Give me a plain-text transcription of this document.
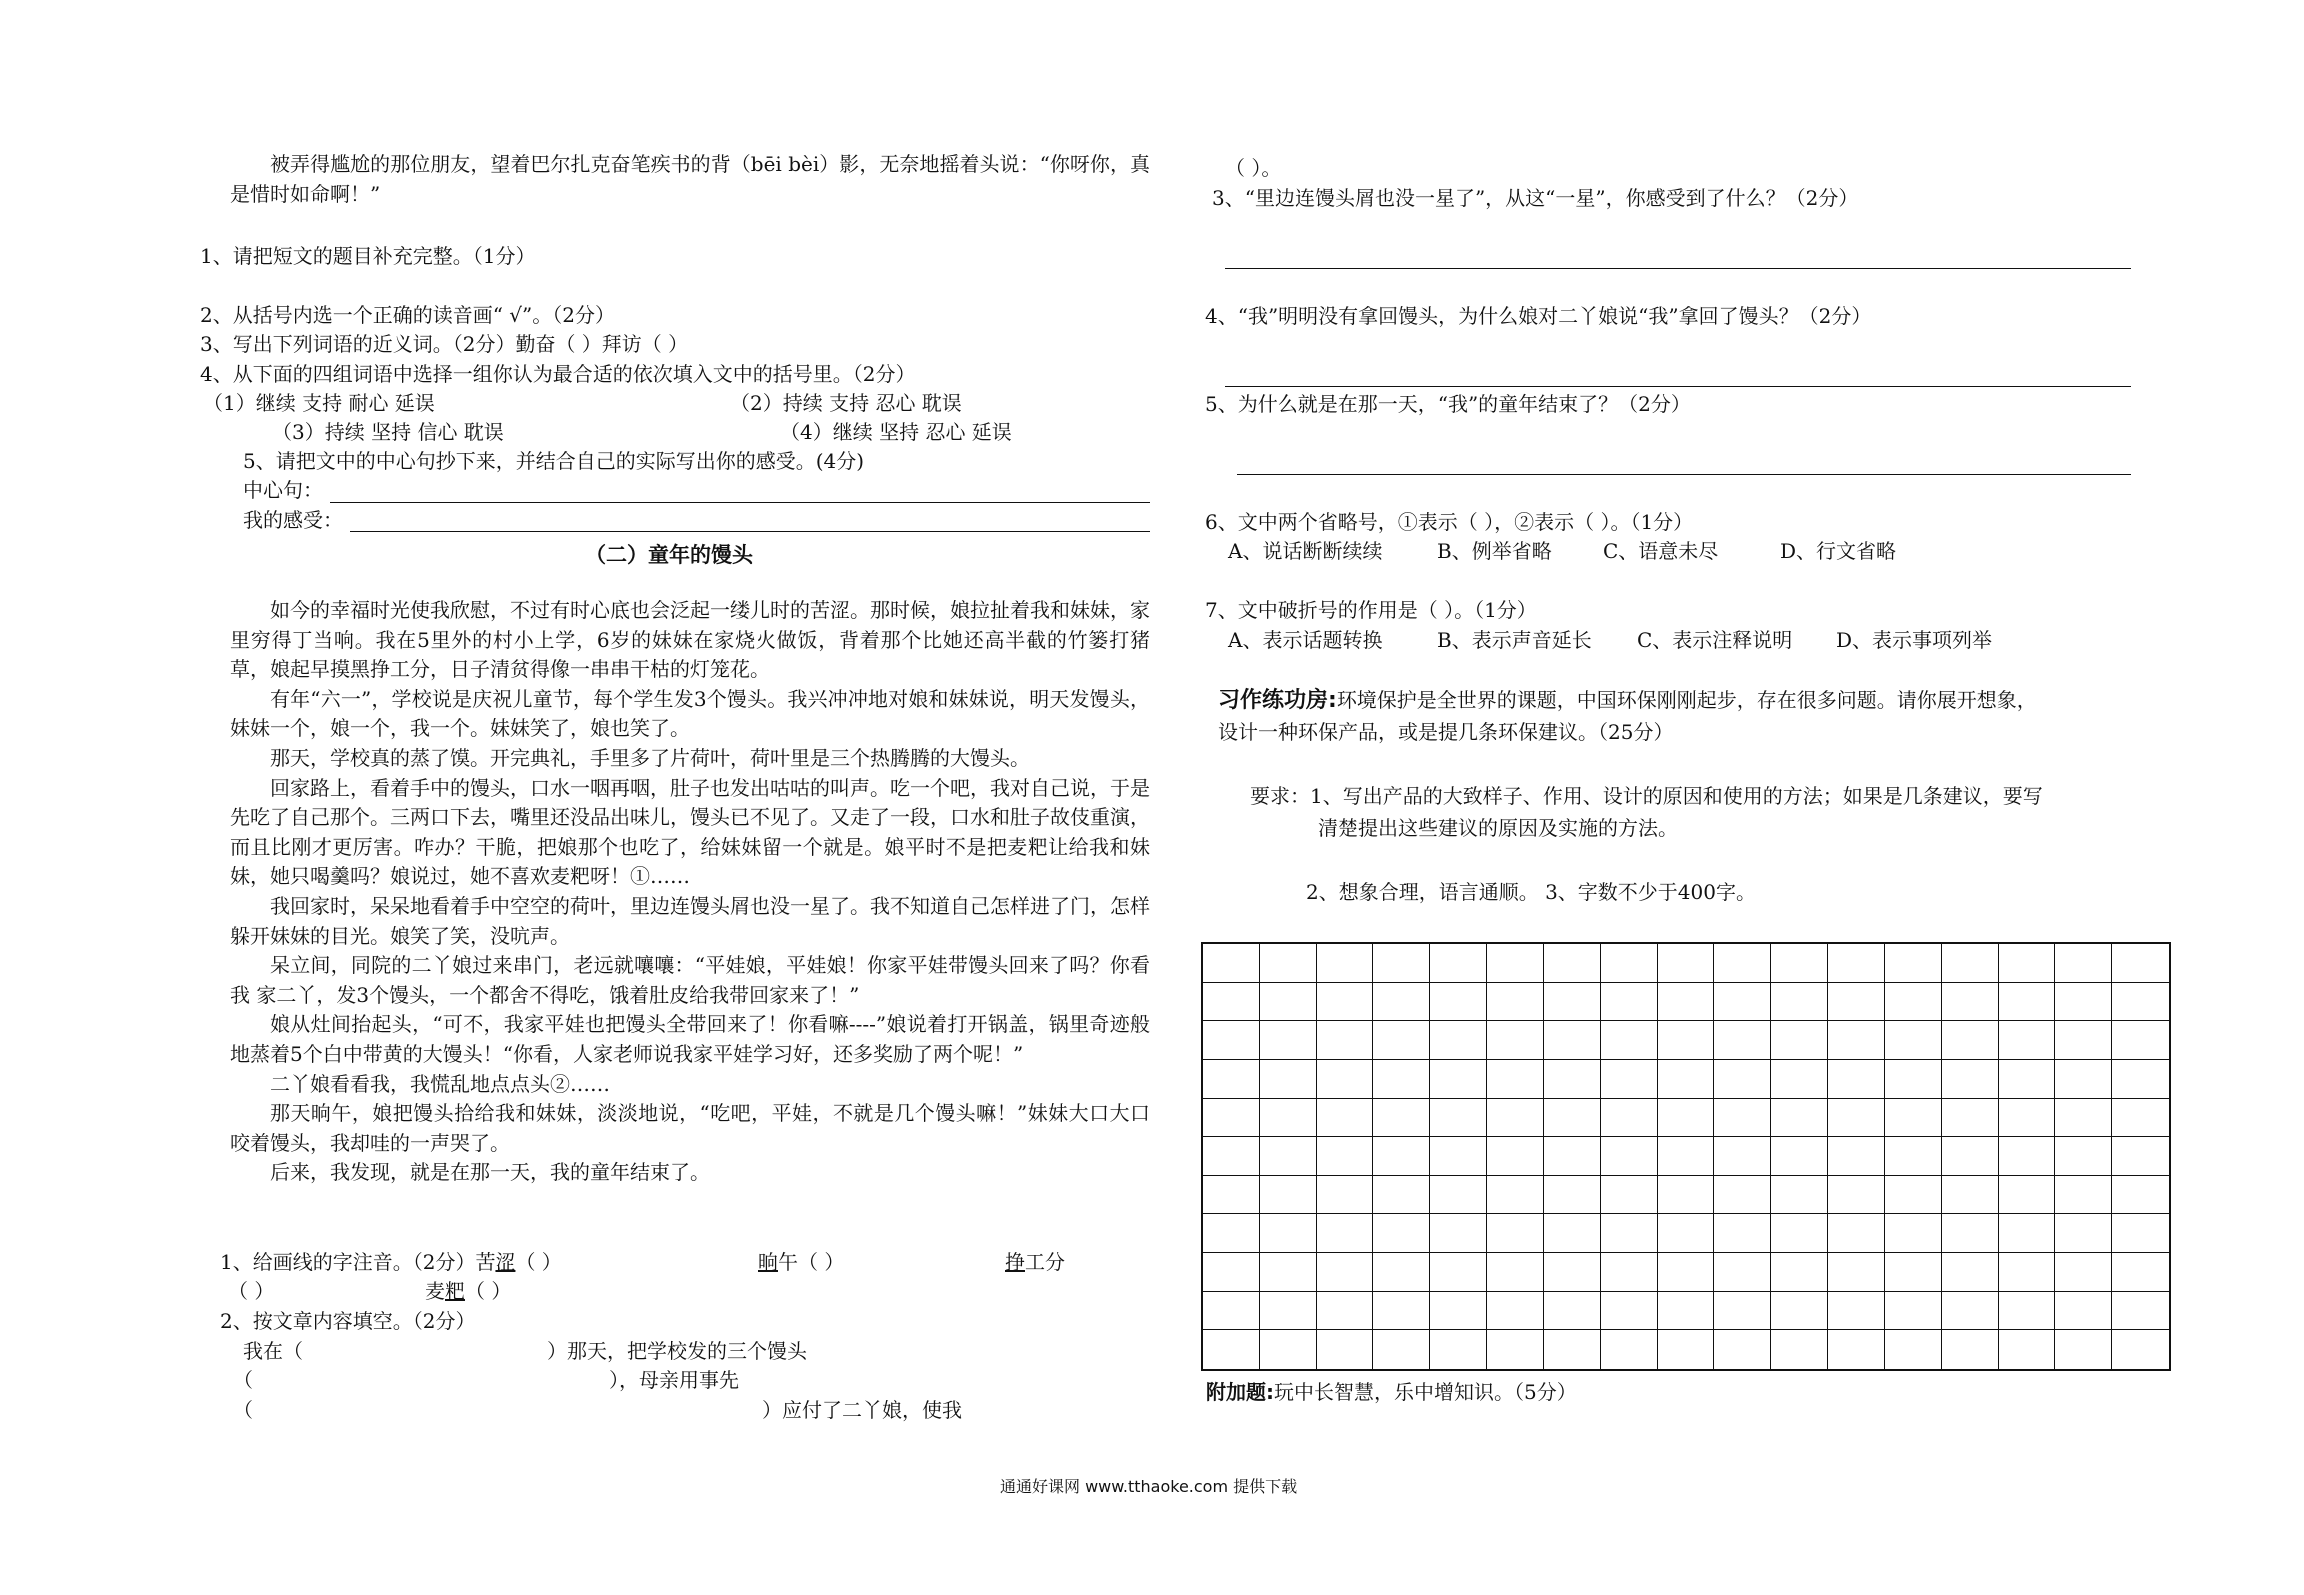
被弄得尴尬的那位朋友，望着巴尔扎克奋笔疾书的背（bēi bèi）影，无奈地摇着头说：“你呀你，真是惜时如命啊！”

1、请把短文的题目补充完整。（1分）
2、从括号内选一个正确的读音画“ √”。（2分）
3、写出下列词语的近义词。（2分）勤奋（ ）拜访（ ）
4、从下面的四组词语中选择一组你认为最合适的依次填入文中的括号里。（2分）
（1）继续 支持 耐心 延误	（2）持续 支持 忍心 耽误
（3）持续 坚持 信心 耽误	（4）继续 坚持 忍心 延误
5、请把文中的中心句抄下来，并结合自己的实际写出你的感受。(4分)
中心句：
我的感受：
（二）童年的馒头

如今的幸福时光使我欣慰，不过有时心底也会泛起一缕儿时的苦涩。那时候，娘拉扯着我和妹妹，家里穷得丁当响。我在5里外的村小上学，6岁的妹妹在家烧火做饭，背着那个比她还高半截的竹篓打猪草，娘起早摸黑挣工分，日子清贫得像一串串干枯的灯笼花。

有年“六一”，学校说是庆祝儿童节，每个学生发3个馒头。我兴冲冲地对娘和妹妹说，明天发馒头，妹妹一个，娘一个，我一个。妹妹笑了，娘也笑了。

那天，学校真的蒸了馍。开完典礼，手里多了片荷叶，荷叶里是三个热腾腾的大馒头。

回家路上，看着手中的馒头，口水一咽再咽，肚子也发出咕咕的叫声。吃一个吧，我对自己说，于是先吃了自己那个。三两口下去，嘴里还没品出味儿，馒头已不见了。又走了一段，口水和肚子故伎重演，而且比刚才更厉害。咋办？干脆，把娘那个也吃了，给妹妹留一个就是。娘平时不是把麦粑让给我和妹妹，她只喝羹吗？娘说过，她不喜欢麦粑呀！①……

我回家时，呆呆地看着手中空空的荷叶，里边连馒头屑也没一星了。我不知道自己怎样进了门，怎样躲开妹妹的目光。娘笑了笑，没吭声。

呆立间，同院的二丫娘过来串门，老远就嚷嚷：“平娃娘，平娃娘！你家平娃带馒头回来了吗？你看我 家二丫，发3个馒头，一个都舍不得吃，饿着肚皮给我带回家来了！”

娘从灶间抬起头，“可不，我家平娃也把馒头全带回来了！你看嘛----”娘说着打开锅盖，锅里奇迹般 地蒸着5个白中带黄的大馒头！“你看，人家老师说我家平娃学习好，还多奖励了两个呢！”

二丫娘看看我，我慌乱地点点头②……

那天晌午，娘把馒头拾给我和妹妹，淡淡地说，“吃吧，平娃，不就是几个馒头嘛！”妹妹大口大口咬着馒头，我却哇的一声哭了。

后来，我发现，就是在那一天，我的童年结束了。

1、给画线的字注音。（2分）苦涩（ ）	晌午（ ）	挣工分
（ ）	麦粑（ ）
2、按文章内容填空。（2分）
我在（	）那天，把学校发的三个馒头
（	），母亲用事先
（	）应付了二丫娘，使我
（ ）。
3、“里边连馒头屑也没一星了”，从这“一星”，你感受到了什么？（2分）
4、“我”明明没有拿回馒头，为什么娘对二丫娘说“我”拿回了馒头？（2分）
5、为什么就是在那一天，“我”的童年结束了？（2分）
6、文中两个省略号，①表示（ ），②表示（ ）。（1分）
A、说话断断续续	B、例举省略	C、语意未尽	D、行文省略
7、文中破折号的作用是（ ）。（1分）
A、表示话题转换	B、表示声音延长 C、表示注释说明 D、表示事项列举
习作练功房:环境保护是全世界的课题，中国环保刚刚起步，存在很多问题。请你展开想象，
设计一种环保产品，或是提几条环保建议。（25分）
要求：1、写出产品的大致样子、作用、设计的原因和使用的方法；如果是几条建议，要写
清楚提出这些建议的原因及实施的方法。
2、想象合理，语言通顺。 3、字数不少于400字。
附加题:玩中长智慧，乐中增知识。（5分）
通通好课网 www.tthaoke.com 提供下载
